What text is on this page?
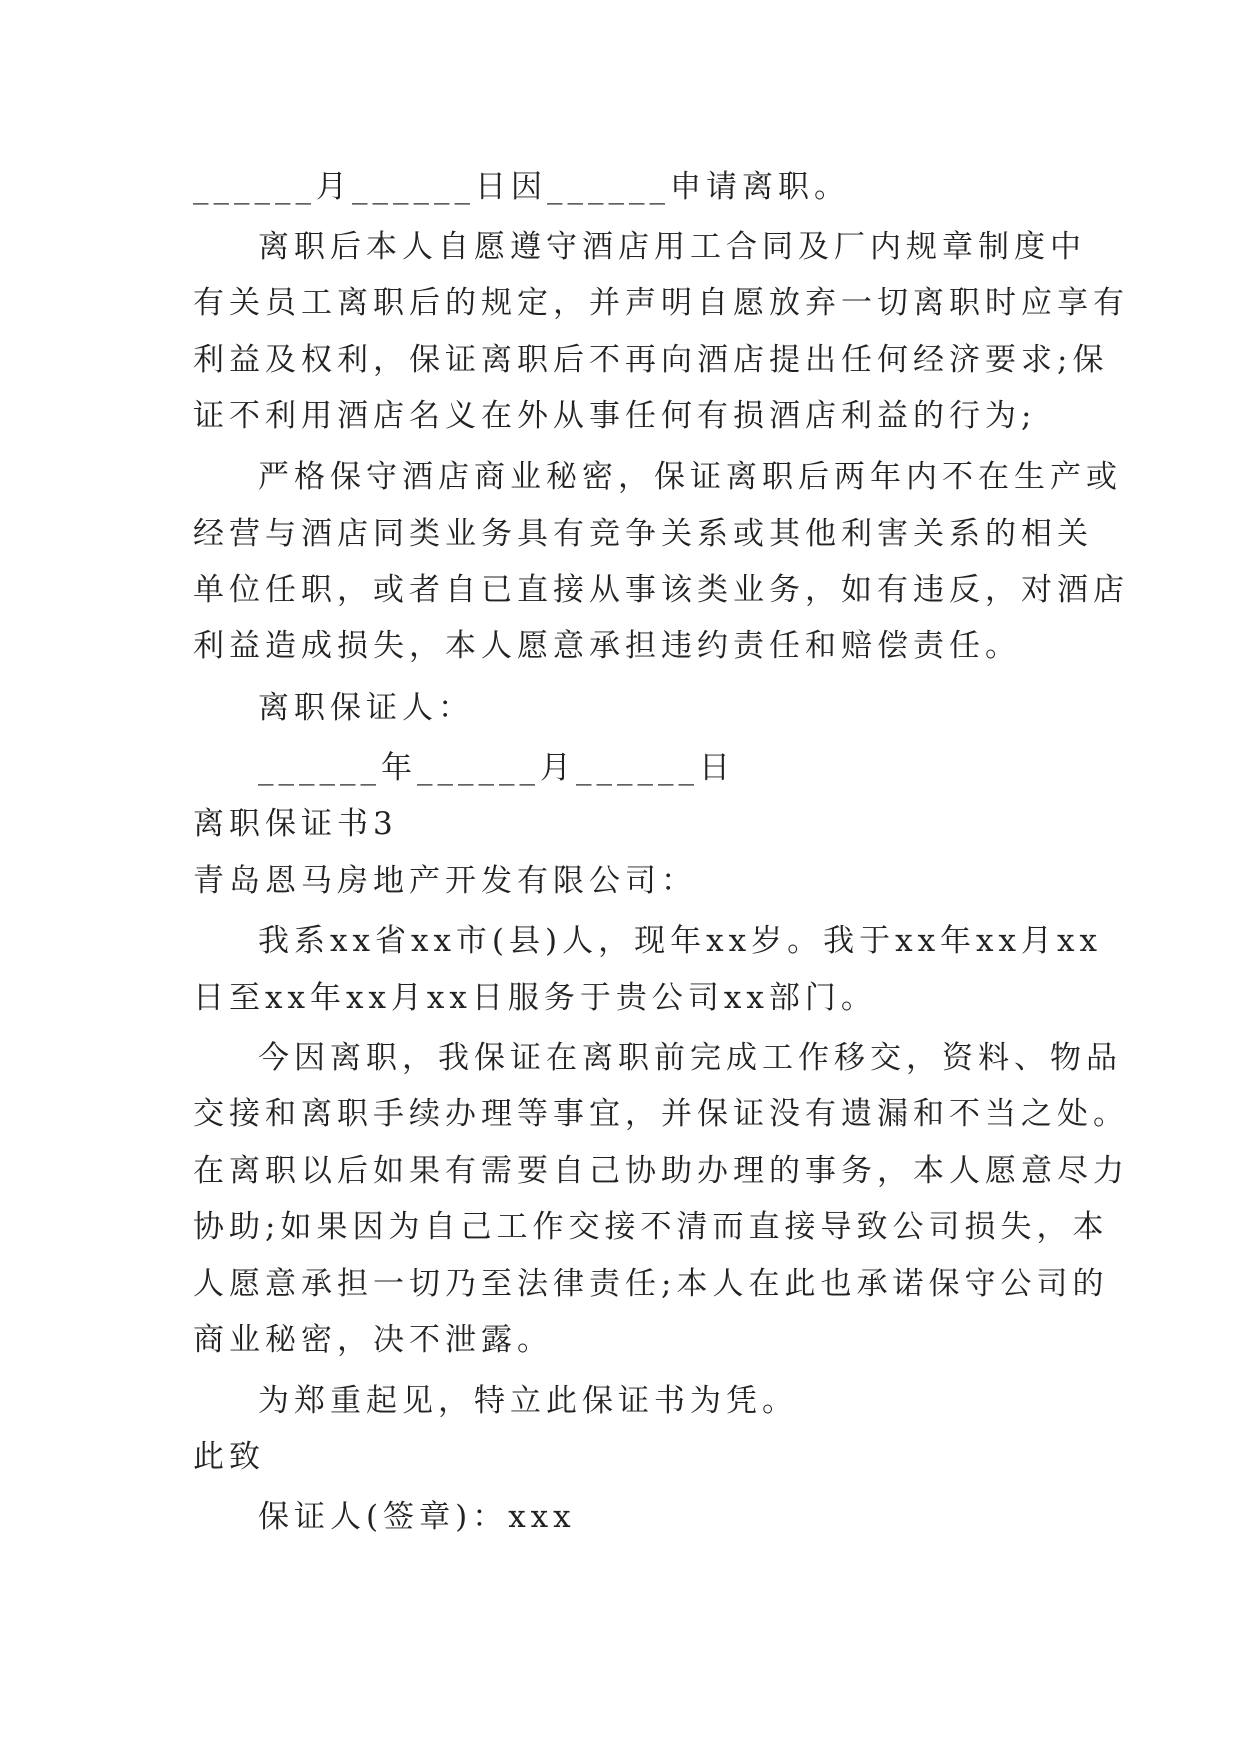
______月______日因______申请离职。
离职后本人自愿遵守酒店用工合同及厂内规章制度中
有关员工离职后的规定，并声明自愿放弃一切离职时应享有
利益及权利，保证离职后不再向酒店提出任何经济要求;保
证不利用酒店名义在外从事任何有损酒店利益的行为;
严格保守酒店商业秘密，保证离职后两年内不在生产或
经营与酒店同类业务具有竞争关系或其他利害关系的相关
单位任职，或者自已直接从事该类业务，如有违反，对酒店
利益造成损失，本人愿意承担违约责任和赔偿责任。
离职保证人：
______年______月______日
离职保证书3
青岛恩马房地产开发有限公司：
我系xx省xx市(县)人，现年xx岁。我于xx年xx月xx
日至xx年xx月xx日服务于贵公司xx部门。
今因离职，我保证在离职前完成工作移交，资料、物品
交接和离职手续办理等事宜，并保证没有遗漏和不当之处。
在离职以后如果有需要自己协助办理的事务，本人愿意尽力
协助;如果因为自己工作交接不清而直接导致公司损失，本
人愿意承担一切乃至法律责任;本人在此也承诺保守公司的
商业秘密，决不泄露。
为郑重起见，特立此保证书为凭。
此致
保证人(签章)：xxx
